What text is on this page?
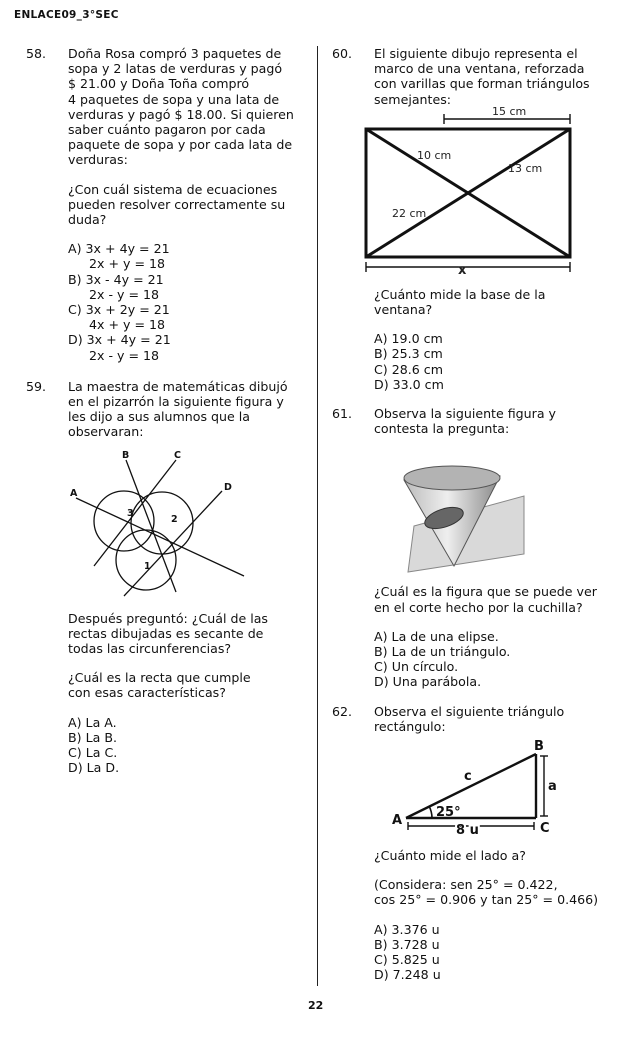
ENLACE09_3°SEC
58. Doña Rosa compró 3 paquetes de
sopa y 2 latas de verduras y pagó
$ 21.00 y Doña Toña compró
4 paquetes de sopa y una lata de
verduras y pagó $ 18.00. Si quieren
saber cuánto pagaron por cada
paquete de sopa y por cada lata de
verduras:
¿Con cuál sistema de ecuaciones
pueden resolver correctamente su
duda?
A) 3x + 4y = 21
2x + y = 18
B) 3x - 4y = 21
2x - y = 18
C) 3x + 2y = 21
4x + y = 18
D) 3x + 4y = 21
2x - y = 18
59. La maestra de matemáticas dibujó
en el pizarrón la siguiente figura y
les dijo a sus alumnos que la
observaran:
A
B	C
D
1
2
3
Después preguntó: ¿Cuál de las
rectas dibujadas es secante de
todas las circunferencias?
¿Cuál es la recta que cumple
con esas características?
A) La A.
B) La B.
C) La C.
D) La D.
60. El siguiente dibujo representa el
marco de una ventana, reforzada
con varillas que forman triángulos
semejantes:
15 cm
10 cm
13 cm
22 cm
x
¿Cuánto mide la base de la
ventana?
A) 19.0 cm
B) 25.3 cm
C) 28.6 cm
D) 33.0 cm
61. Observa la siguiente figura y
contesta la pregunta:
¿Cuál es la figura que se puede ver
en el corte hecho por la cuchilla?
A) La de una elipse.
B) La de un triángulo.
C) Un círculo.
D) Una parábola.
62. Observa el siguiente triángulo
rectángulo:
A
B
C
a
c
25°
8 u
¿Cuánto mide el lado a?
(Considera: sen 25° = 0.422,
cos 25° = 0.906 y tan 25° = 0.466)
A) 3.376 u
B) 3.728 u
C) 5.825 u
D) 7.248 u
22
